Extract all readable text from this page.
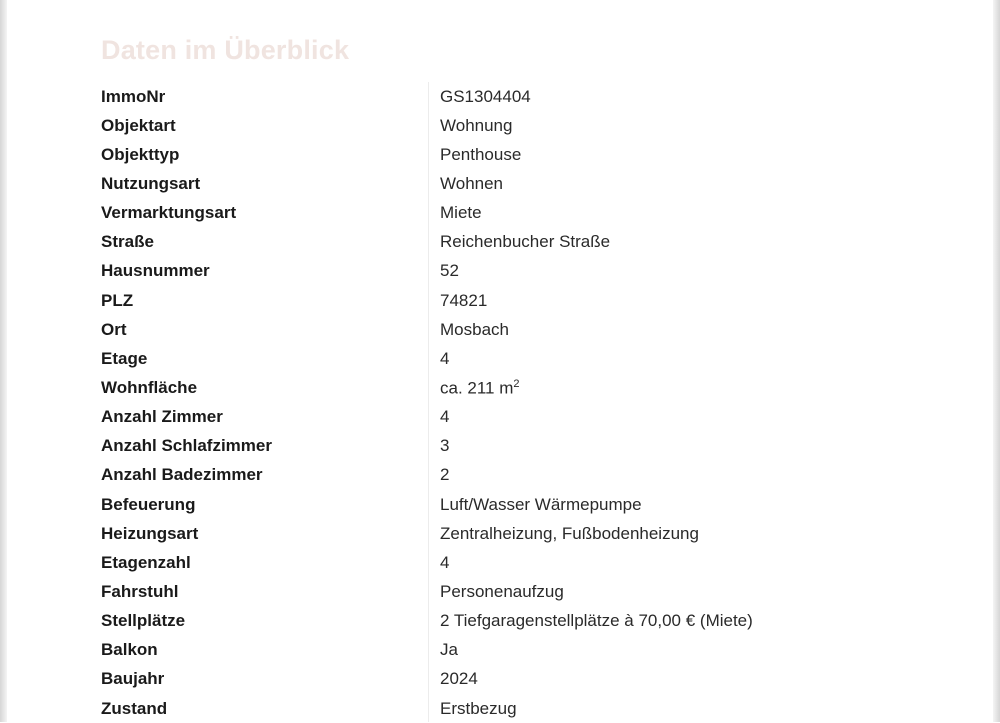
Daten im Überblick
ImmoNr	GS1304404
Objektart	Wohnung
Objekttyp	Penthouse
Nutzungsart	Wohnen
Vermarktungsart	Miete
Straße	Reichenbucher Straße
Hausnummer	52
PLZ	74821
Ort	Mosbach
Etage	4
Wohnfläche	ca. 211 $m^2$
Anzahl Zimmer	4
Anzahl Schlafzimmer	3
Anzahl Badezimmer	2
Befeuerung	Luft/Wasser Wärmepumpe
Heizungsart	Zentralheizung, Fußbodenheizung
Etagenzahl	4
Fahrstuhl	Personenaufzug
Stellplätze	2 Tiefgaragenstellplätze à 70,00 € (Miete)
Balkon	Ja
Baujahr	2024
Zustand	Erstbezug
